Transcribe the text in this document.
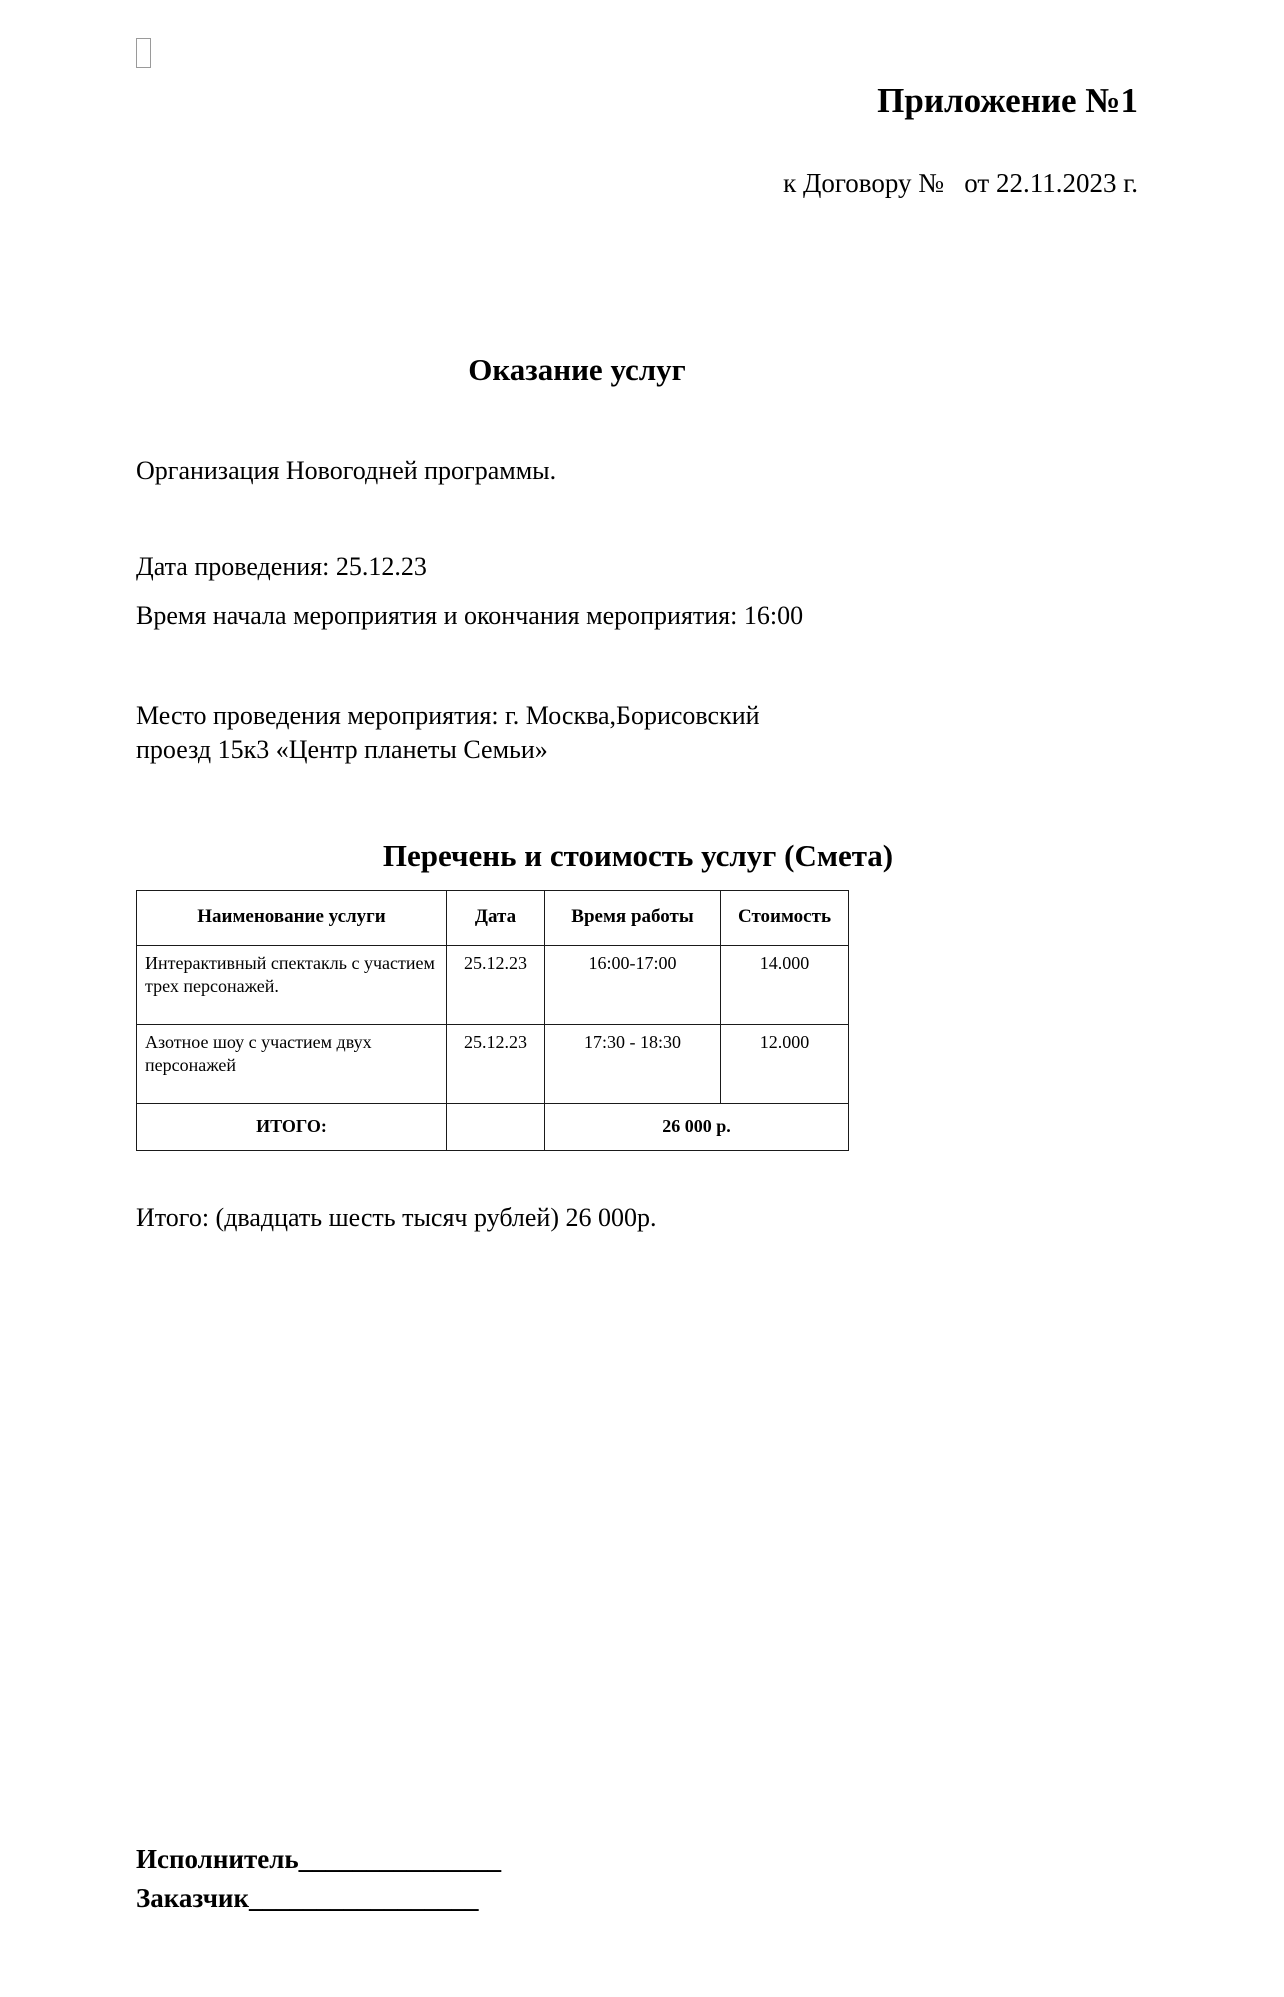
Приложение №1
к Договору №   от 22.11.2023 г.
Оказание услуг
Организация Новогодней программы.
Дата проведения: 25.12.23
Время начала мероприятия и окончания мероприятия: 16:00
Место проведения мероприятия: г. Москва,Борисовский
проезд 15к3 «Центр планеты Семьи»
Перечень и стоимость услуг (Смета)
Наименование услуги	Дата	Время работы	Стоимость
Интерактивный спектакль с участием трех персонажей.	25.12.23	16:00-17:00	14.000
Азотное шоу с участием двух персонажей	25.12.23	17:30 - 18:30	12.000
ИТОГО:		26 000 р.	
Итого: (двадцать шесть тысяч рублей) 26 000р.
Исполнитель_______________
Заказчик_________________
